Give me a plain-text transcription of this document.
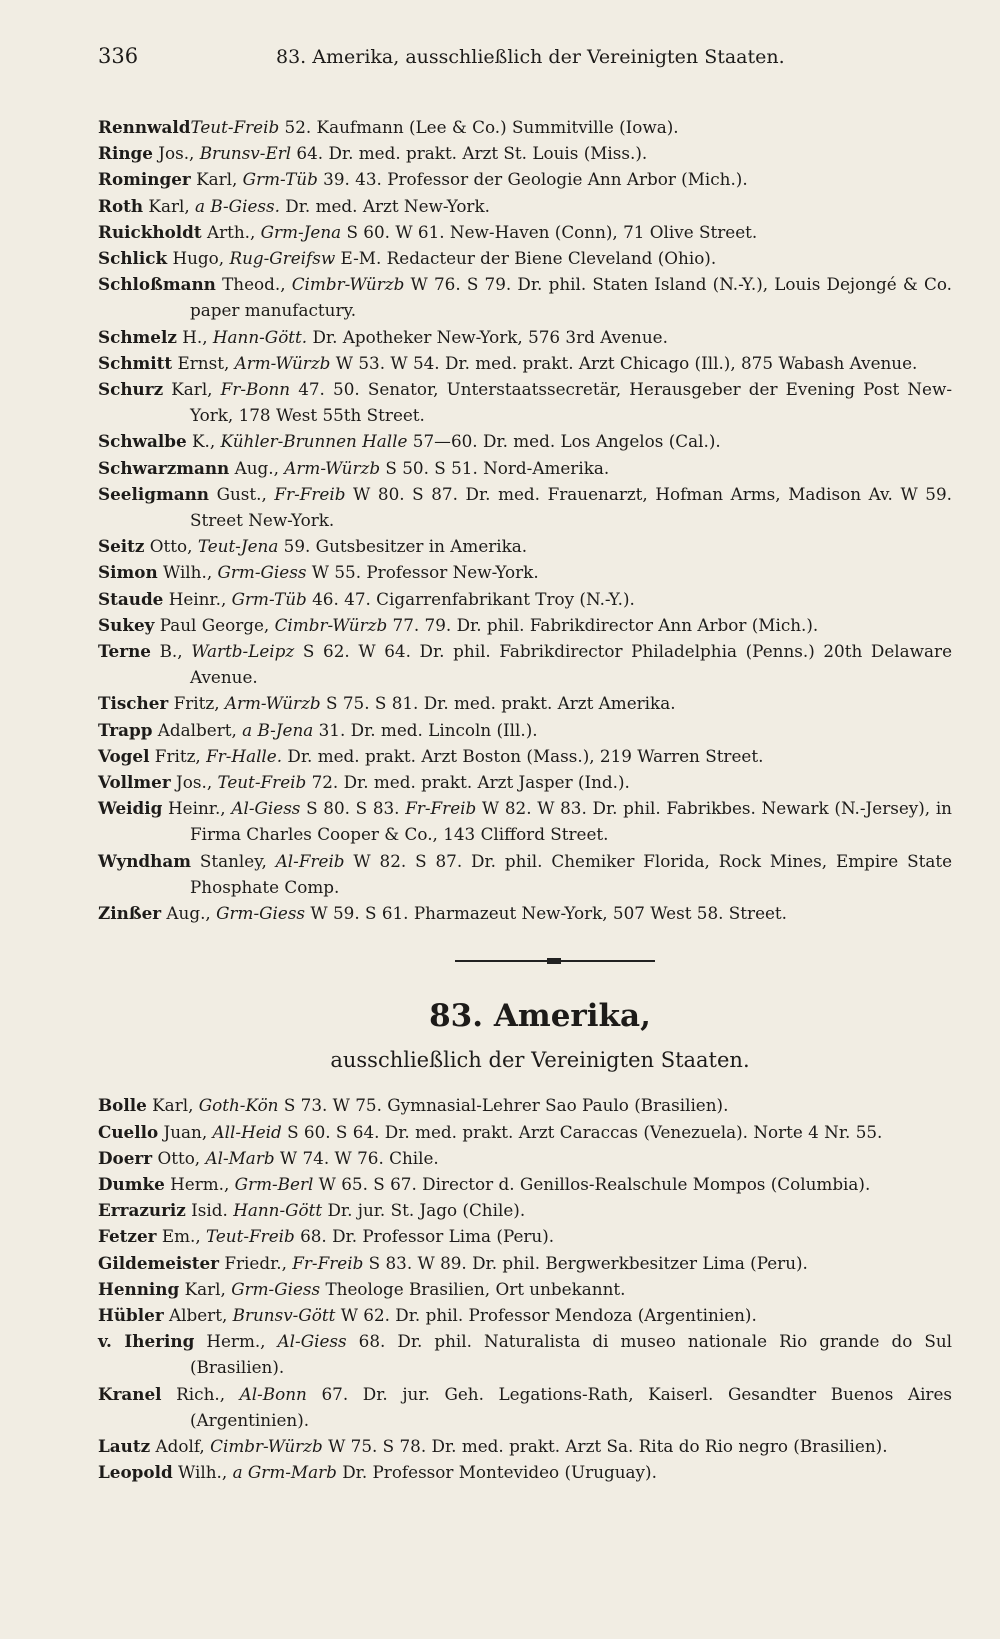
336	83. Amerika, ausschließlich der Vereinigten Staaten.

RennwaldTeut-Freib 52. Kaufmann (Lee & Co.) Summitville (Iowa).

Ringe Jos., Brunsv-Erl 64. Dr. med. prakt. Arzt St. Louis (Miss.).

Rominger Karl, Grm-Tüb 39. 43. Professor der Geologie Ann Arbor (Mich.).

Roth Karl, a B-Giess. Dr. med. Arzt New-York.

Ruickholdt Arth., Grm-Jena S 60. W 61. New-Haven (Conn), 71 Olive Street.

Schlick Hugo, Rug-Greifsw E-M. Redacteur der Biene Cleveland (Ohio).

Schloßmann Theod., Cimbr-Würzb W 76. S 79. Dr. phil. Staten Island (N.-Y.), Louis Dejongé & Co. paper manufactury.

Schmelz H., Hann-Gött. Dr. Apotheker New-York, 576 3rd Avenue.

Schmitt Ernst, Arm-Würzb W 53. W 54. Dr. med. prakt. Arzt Chicago (Ill.), 875 Wabash Avenue.

Schurz Karl, Fr-Bonn 47. 50. Senator, Unterstaatssecretär, Herausgeber der Evening Post New-York, 178 West 55th Street.

Schwalbe K., Kühler-Brunnen Halle 57—60. Dr. med. Los Angelos (Cal.).

Schwarzmann Aug., Arm-Würzb S 50. S 51. Nord-Amerika.

Seeligmann Gust., Fr-Freib W 80. S 87. Dr. med. Frauenarzt, Hofman Arms, Madison Av. W 59. Street New-York.

Seitz Otto, Teut-Jena 59. Gutsbesitzer in Amerika.

Simon Wilh., Grm-Giess W 55. Professor New-York.

Staude Heinr., Grm-Tüb 46. 47. Cigarrenfabrikant Troy (N.-Y.).

Sukey Paul George, Cimbr-Würzb 77. 79. Dr. phil. Fabrikdirector Ann Arbor (Mich.).

Terne B., Wartb-Leipz S 62. W 64. Dr. phil. Fabrikdirector Philadelphia (Penns.) 20th Delaware Avenue.

Tischer Fritz, Arm-Würzb S 75. S 81. Dr. med. prakt. Arzt Amerika.

Trapp Adalbert, a B-Jena 31. Dr. med. Lincoln (Ill.).

Vogel Fritz, Fr-Halle. Dr. med. prakt. Arzt Boston (Mass.), 219 Warren Street.

Vollmer Jos., Teut-Freib 72. Dr. med. prakt. Arzt Jasper (Ind.).

Weidig Heinr., Al-Giess S 80. S 83. Fr-Freib W 82. W 83. Dr. phil. Fabrikbes. Newark (N.-Jersey), in Firma Charles Cooper & Co., 143 Clifford Street.

Wyndham Stanley, Al-Freib W 82. S 87. Dr. phil. Chemiker Florida, Rock Mines, Empire State Phosphate Comp.

Zinßer Aug., Grm-Giess W 59. S 61. Pharmazeut New-York, 507 West 58. Street.

83. Amerika,
ausschließlich der Vereinigten Staaten.

Bolle Karl, Goth-Kön S 73. W 75. Gymnasial-Lehrer Sao Paulo (Brasilien).

Cuello Juan, All-Heid S 60. S 64. Dr. med. prakt. Arzt Caraccas (Venezuela). Norte 4 Nr. 55.

Doerr Otto, Al-Marb W 74. W 76. Chile.

Dumke Herm., Grm-Berl W 65. S 67. Director d. Genillos-Realschule Mompos (Columbia).

Errazuriz Isid. Hann-Gött Dr. jur. St. Jago (Chile).

Fetzer Em., Teut-Freib 68. Dr. Professor Lima (Peru).

Gildemeister Friedr., Fr-Freib S 83. W 89. Dr. phil. Bergwerkbesitzer Lima (Peru).

Henning Karl, Grm-Giess Theologe Brasilien, Ort unbekannt.

Hübler Albert, Brunsv-Gött W 62. Dr. phil. Professor Mendoza (Argentinien).

v. Ihering Herm., Al-Giess 68. Dr. phil. Naturalista di museo nationale Rio grande do Sul (Brasilien).

Kranel Rich., Al-Bonn 67. Dr. jur. Geh. Legations-Rath, Kaiserl. Gesandter Buenos Aires (Argentinien).

Lautz Adolf, Cimbr-Würzb W 75. S 78. Dr. med. prakt. Arzt Sa. Rita do Rio negro (Brasilien).

Leopold Wilh., a Grm-Marb Dr. Professor Montevideo (Uruguay).
